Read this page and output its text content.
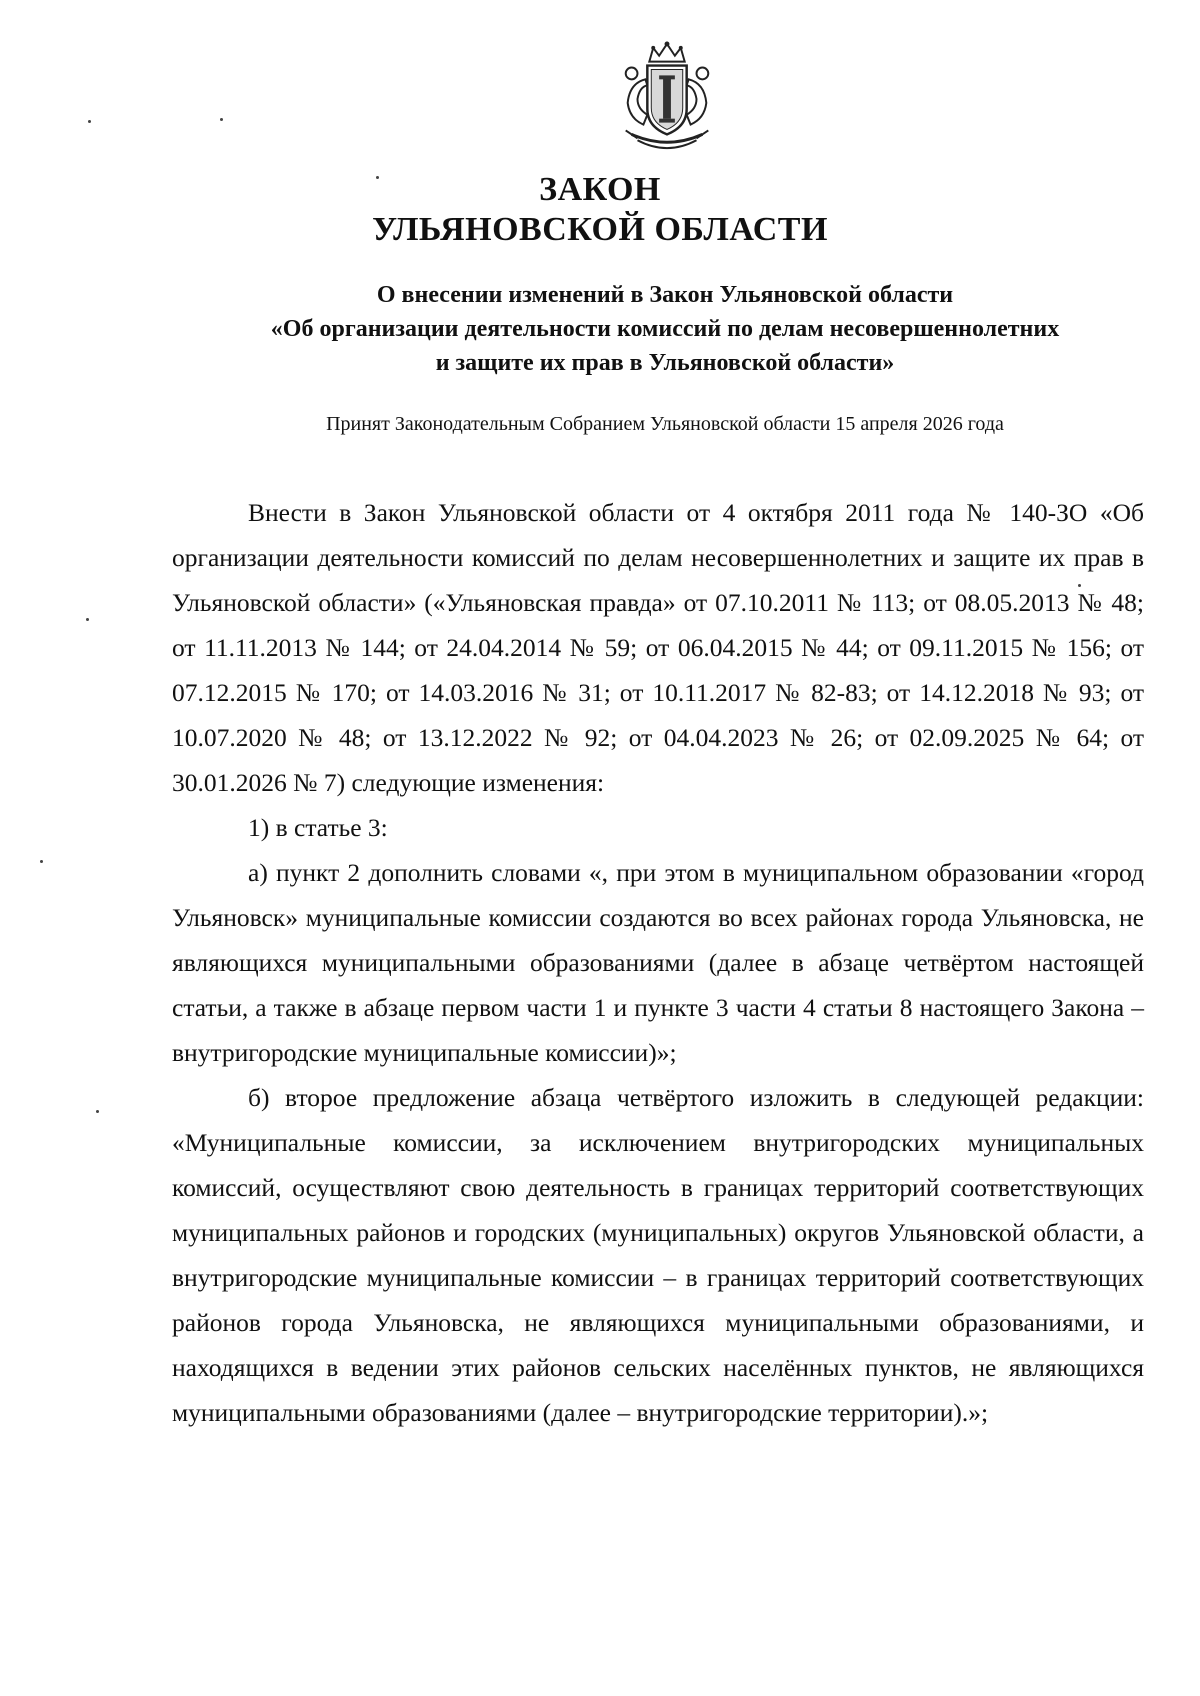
ЗАКОН
УЛЬЯНОВСКОЙ ОБЛАСТИ
О внесении изменений в Закон Ульяновской области
«Об организации деятельности комиссий по делам несовершеннолетних
и защите их прав в Ульяновской области»
Принят Законодательным Собранием Ульяновской области 15 апреля 2026 года

Внести в Закон Ульяновской области от 4 октября 2011 года № 140-ЗО «Об организации деятельности комиссий по делам несовершеннолетних и защите их прав в Ульяновской области» («Ульяновская правда» от 07.10.2011 № 113; от 08.05.2013 № 48; от 11.11.2013 № 144; от 24.04.2014 № 59; от 06.04.2015 № 44; от 09.11.2015 № 156; от 07.12.2015 № 170; от 14.03.2016 № 31; от 10.11.2017 № 82-83; от 14.12.2018 № 93; от 10.07.2020 № 48; от 13.12.2022 № 92; от 04.04.2023 № 26; от 02.09.2025 № 64; от 30.01.2026 № 7) следующие изменения:

1) в статье 3:

а) пункт 2 дополнить словами «, при этом в муниципальном образовании «город Ульяновск» муниципальные комиссии создаются во всех районах города Ульяновска, не являющихся муниципальными образованиями (далее в абзаце четвёртом настоящей статьи, а также в абзаце первом части 1 и пункте 3 части 4 статьи 8 настоящего Закона – внутригородские муниципальные комиссии)»;

б) второе предложение абзаца четвёртого изложить в следующей редакции: «Муниципальные комиссии, за исключением внутригородских муниципальных комиссий, осуществляют свою деятельность в границах территорий соответствующих муниципальных районов и городских (муниципальных) округов Ульяновской области, а внутригородские муниципальные комиссии – в границах территорий соответствующих районов города Ульяновска, не являющихся муниципальными образованиями, и находящихся в ведении этих районов сельских населённых пунктов, не являющихся муниципальными образованиями (далее – внутригородские территории).»;
